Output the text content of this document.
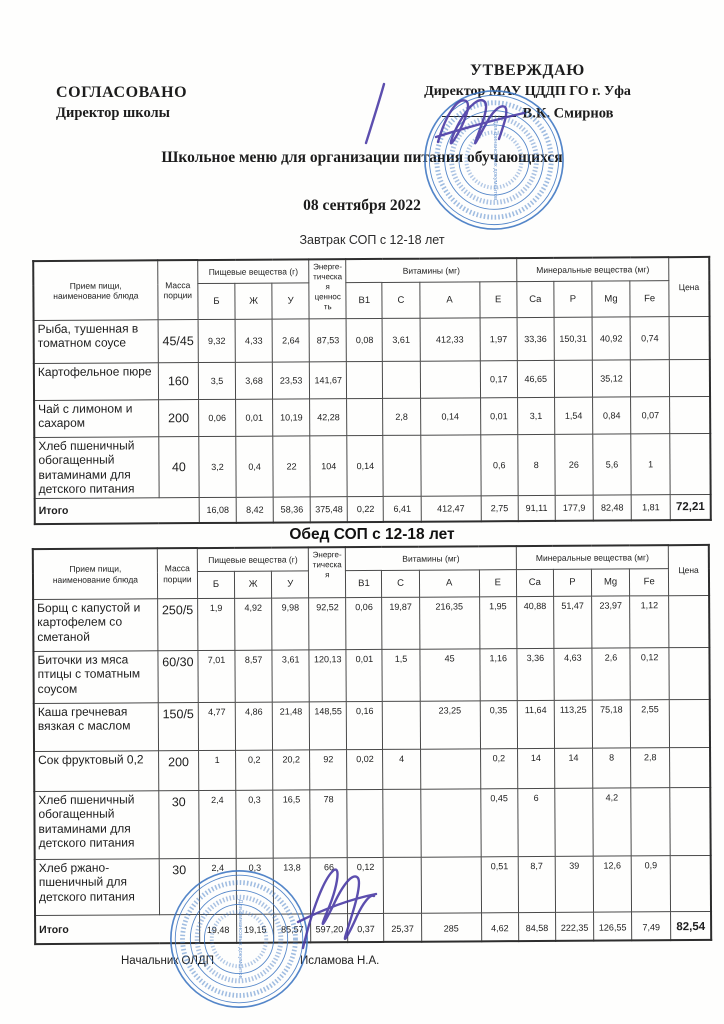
СОГЛАСОВАНО
Директор школы
УТВЕРЖДАЮ
Директор МАУ ЦДДП ГО г. Уфа
В.К. Смирнов
Школьное меню для организации питания обучающихся
08 сентября 2022
Завтрак СОП с 12-18 лет
Прием пищи,
наименование блюда	Масса
порции	Пищевые вещества (г)			Энерге-
тическа
я
ценнос
ть	Витамины (мг)				Минеральные вещества (мг)				Цена
		Б	Ж	У		B1	C	A	E	Ca	P	Mg	Fe	
Рыба, тушенная в томатном соусе	45/45	9,32	4,33	2,64	87,53	0,08	3,61	412,33	1,97	33,36	150,31	40,92	0,74	
Картофельное пюре	160	3,5	3,68	23,53	141,67				0,17	46,65		35,12		
Чай с лимоном и сахаром	200	0,06	0,01	10,19	42,28		2,8	0,14	0,01	3,1	1,54	0,84	0,07	
Хлеб пшеничный обогащенный витаминами для детского питания	40	3,2	0,4	22	104	0,14			0,6	8	26	5,6	1	
Итого		16,08	8,42	58,36	375,48	0,22	6,41	412,47	2,75	91,11	177,9	82,48	1,81	72,21
Обед СОП с 12-18 лет
Прием пищи,
наименование блюда	Масса
порции	Пищевые вещества (г)			Энерге-
тическа
я	Витамины (мг)				Минеральные вещества (мг)				Цена
		Б	Ж	У		B1	C	A	E	Ca	P	Mg	Fe	
Борщ с капустой и картофелем со сметаной	250/5	1,9	4,92	9,98	92,52	0,06	19,87	216,35	1,95	40,88	51,47	23,97	1,12	
Биточки из мяса птицы с томатным соусом	60/30	7,01	8,57	3,61	120,13	0,01	1,5	45	1,16	3,36	4,63	2,6	0,12	
Каша гречневая вязкая с маслом	150/5	4,77	4,86	21,48	148,55	0,16		23,25	0,35	11,64	113,25	75,18	2,55	
Сок фруктовый 0,2	200	1	0,2	20,2	92	0,02	4		0,2	14	14	8	2,8	
Хлеб пшеничный обогащенный витаминами для детского питания	30	2,4	0,3	16,5	78				0,45	6		4,2		
Хлеб ржано-пшеничный для детского питания	30	2,4	0,3	13,8	66	0,12			0,51	8,7	39	12,6	0,9	
Итого		19,48	19,15	85,57	597,20	0,37	25,37	285	4,62	84,58	222,35	126,55	7,49	82,54
Начальник ОЛДП	Исламова Н.А.
Для финансовых документов
Для финансовых документов
